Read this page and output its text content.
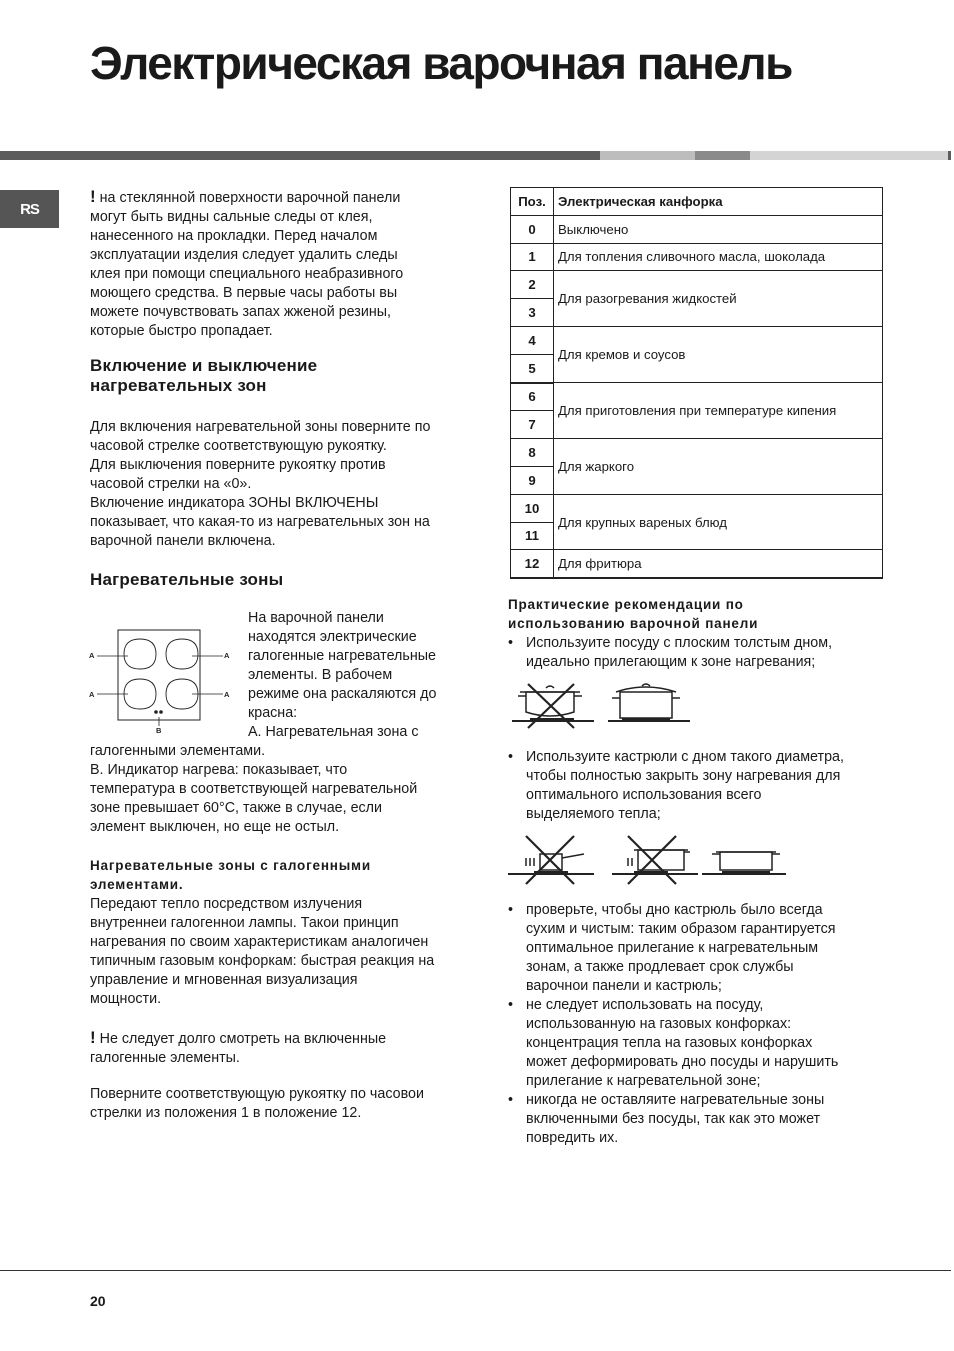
Электрическая варочная панель
RS
! на стеклянной поверхности варочной панели
могут быть видны сальные следы от клея,
нанесенного на прокладки. Перед началом
эксплуатации изделия следует удалить следы
клея при помощи специального неабразивного
моющего средства. В первые часы работы вы
можете почувствовать запах жженой резины,
которые быстро пропадает.
Включение и выключение
нагревательных зон
Для включения нагревательной зоны поверните по
часовой стрелке соответствующую рукоятку.
Для выключения поверните рукоятку против
часовой стрелки на «0».
Включение индикатора ЗОНЫ ВКЛЮЧЕНЫ
показывает, что какая-то из нагревательных зон на
варочной панели включена.
Нагревательные зоны
A
A
A
A
B
На варочной панели
находятся электрические
галогенные нагревательные
элементы. В рабочем
режиме она раскаляются до
красна:
A. Нагревательная зона с
галогенными элементами.
B. Индикатор нагрева: показывает, что
температура в соответствующей нагревательной
зоне превышает 60°C, также в случае, если
элемент выключен, но еще не остыл.
Нагревательные зоны с галогенными
элементами.
Передают тепло посредством излучения
внутреннеи галогеннои лампы. Такои принцип
нагревания по своим характеристикам аналогичен
типичным газовым конфоркам: быстрая реакция на
управление и мгновенная визуализация
мощности.
! Не следует долго смотреть на включенные
галогенные элементы.
Поверните соответствующую рукоятку по часовои
стрелки из положения 1 в положение 12.
Поз.	Электрическая канфорка
0	Выключено
1	Для топления сливочного масла, шоколада
2	Для разогревания жидкостей
3	
4	Для кремов и соусов
5	
6	Для приготовления при температуре кипения
7	
8	Для жаркого
9	
10	Для крупных вареных блюд
11	
12	Для фритюра
Практические рекомендации по
использованию варочной панели
• Используите посуду с плоским толстым дном,
идеально прилегающим к зоне нагревания;
• Используите кастрюли с дном такого диаметра,
чтобы полностью закрыть зону нагревания для
оптимального использования всего
выделяемого тепла;
• проверьте, чтобы дно кастрюль было всегда
сухим и чистым: таким образом гарантируется
оптимальное прилегание к нагревательным
зонам, а также продлевает срок службы
варочнои панели и кастрюль;
• не следует использовать на посуду,
использованную на газовых конфорках:
концентрация тепла на газовых конфорках
может деформировать дно посуды и нарушить
прилегание к нагревательной зоне;
• никогда не оставляите нагревательные зоны
включенными без посуды, так как это может
повредить их.
20
